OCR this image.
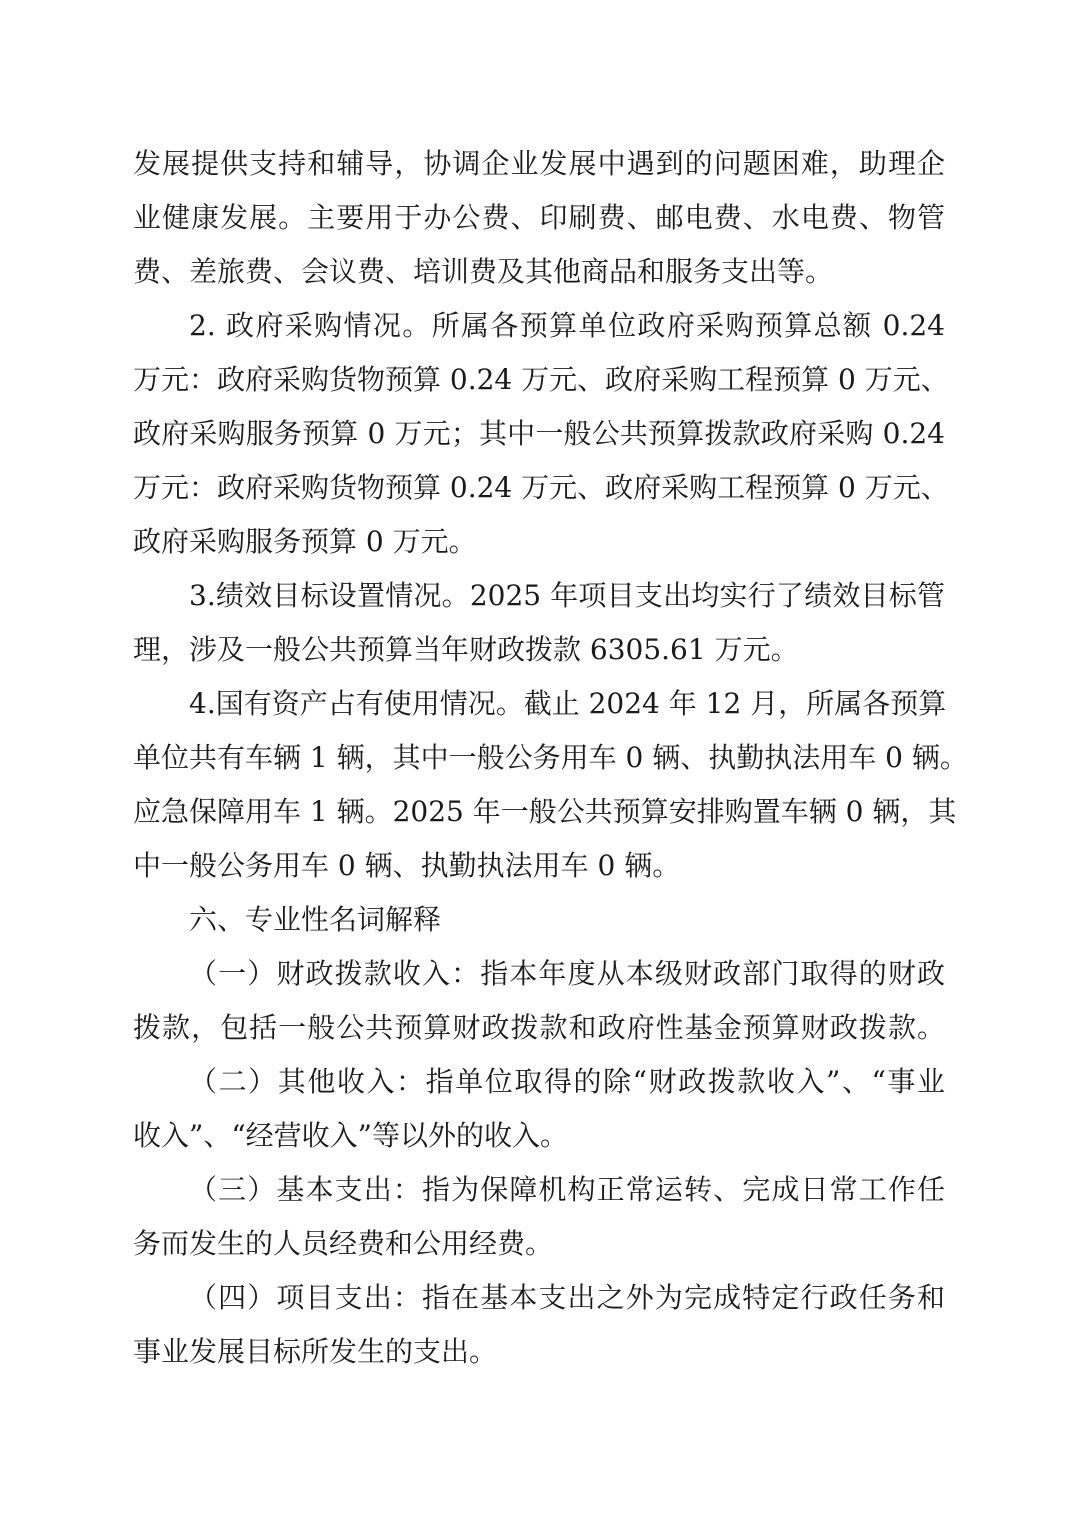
发展提供支持和辅导，协调企业发展中遇到的问题困难，助理企

业健康发展。主要用于办公费、印刷费、邮电费、水电费、物管

费、差旅费、会议费、培训费及其他商品和服务支出等。

2. 政府采购情况。所属各预算单位政府采购预算总额 0.24

万元：政府采购货物预算 0.24 万元、政府采购工程预算 0 万元、

政府采购服务预算 0 万元；其中一般公共预算拨款政府采购 0.24

万元：政府采购货物预算 0.24 万元、政府采购工程预算 0 万元、

政府采购服务预算 0 万元。

3.绩效目标设置情况。2025 年项目支出均实行了绩效目标管

理，涉及一般公共预算当年财政拨款 6305.61 万元。

4.国有资产占有使用情况。截止 2024 年 12 月，所属各预算

单位共有车辆 1 辆，其中一般公务用车 0 辆、执勤执法用车 0 辆。

应急保障用车 1 辆。2025 年一般公共预算安排购置车辆 0 辆，其

中一般公务用车 0 辆、执勤执法用车 0 辆。

六、专业性名词解释

（一）财政拨款收入：指本年度从本级财政部门取得的财政

拨款，包括一般公共预算财政拨款和政府性基金预算财政拨款。

（二）其他收入：指单位取得的除“财政拨款收入”、“事业

收入”、“经营收入”等以外的收入。

（三）基本支出：指为保障机构正常运转、完成日常工作任

务而发生的人员经费和公用经费。

（四）项目支出：指在基本支出之外为完成特定行政任务和

事业发展目标所发生的支出。
